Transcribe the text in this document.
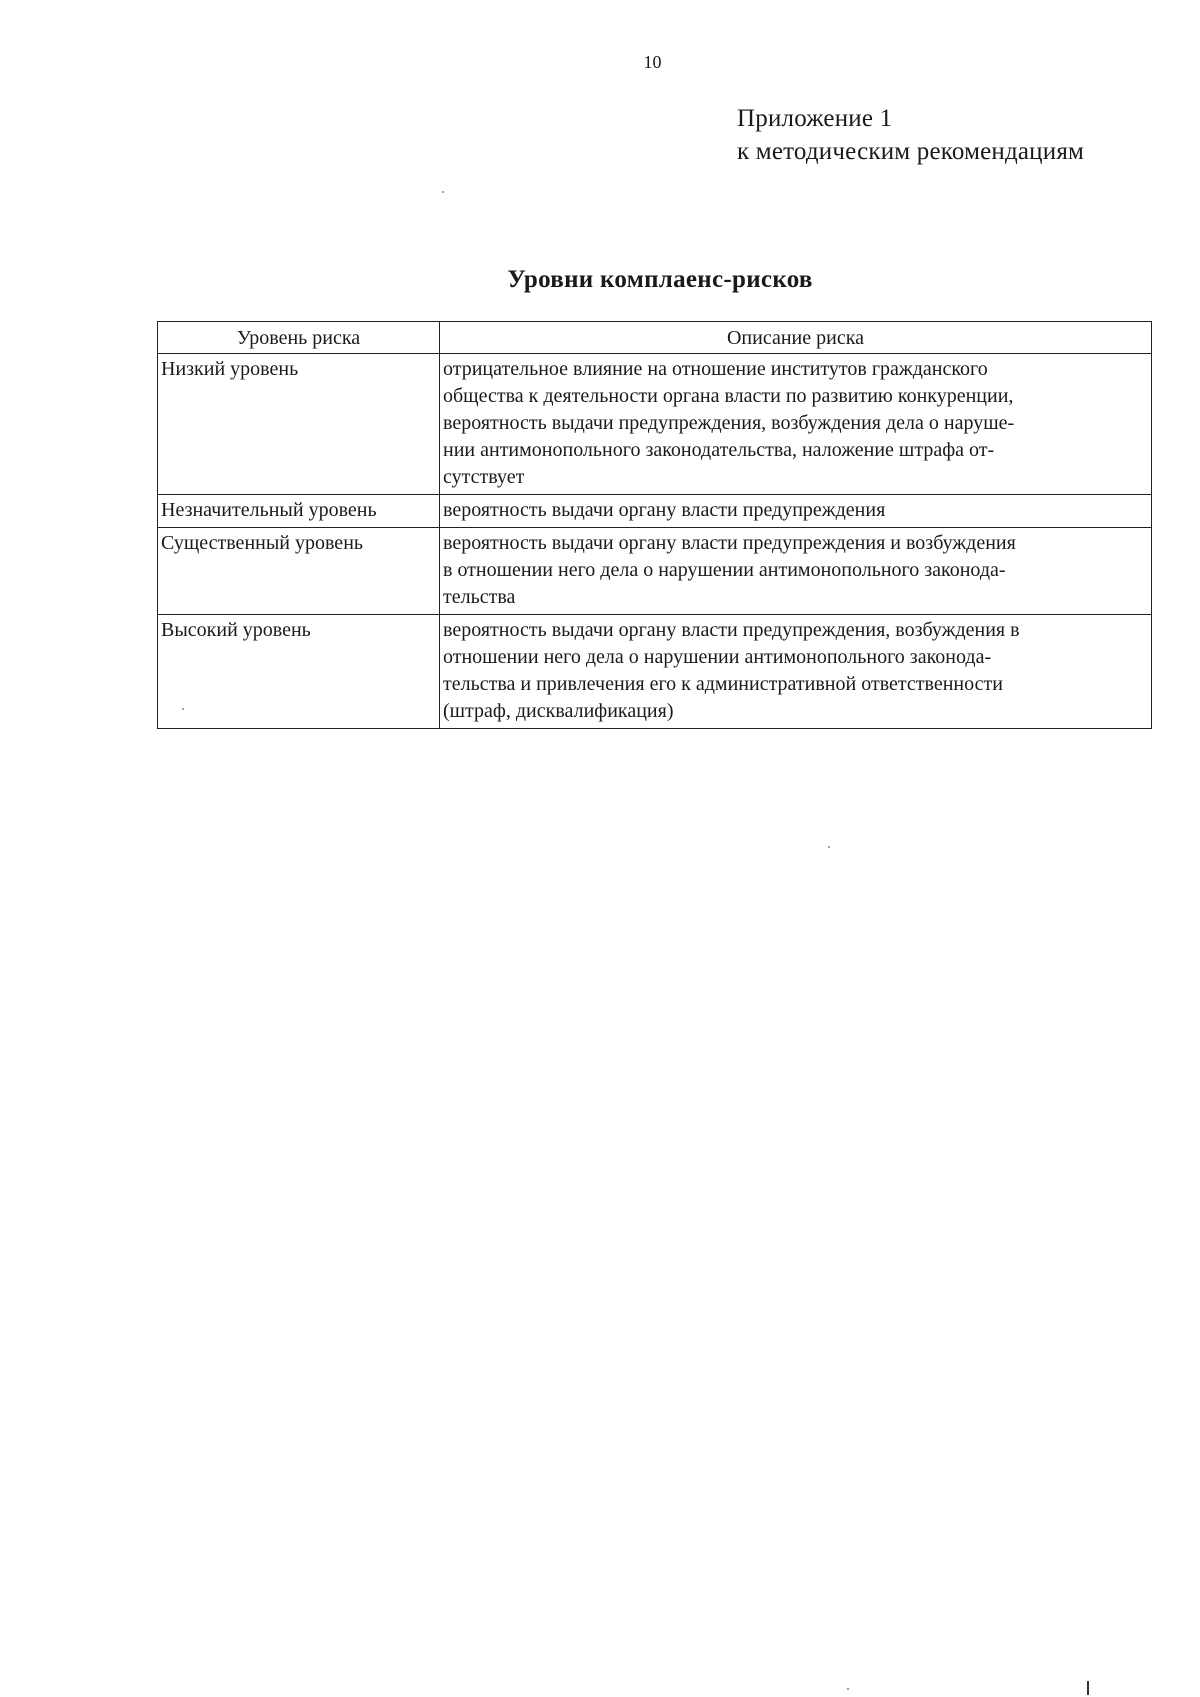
10
Приложение 1
к методическим рекомендациям
Уровни комплаенс-рисков
Уровень риска	Описание риска
Низкий уровень	отрицательное влияние на отношение институтов гражданского
общества к деятельности органа власти по развитию конкуренции,
вероятность выдачи предупреждения, возбуждения дела о наруше-
нии антимонопольного законодательства, наложение штрафа от-
сутствует

Незначительный уровень	вероятность выдачи органу власти предупреждения

Существенный уровень	вероятность выдачи органу власти предупреждения и возбуждения
в отношении него дела о нарушении антимонопольного законода-
тельства

Высокий уровень	вероятность выдачи органу власти предупреждения, возбуждения в
отношении него дела о нарушении антимонопольного законода-
тельства и привлечения его к административной ответственности
(штраф, дисквалификация)
